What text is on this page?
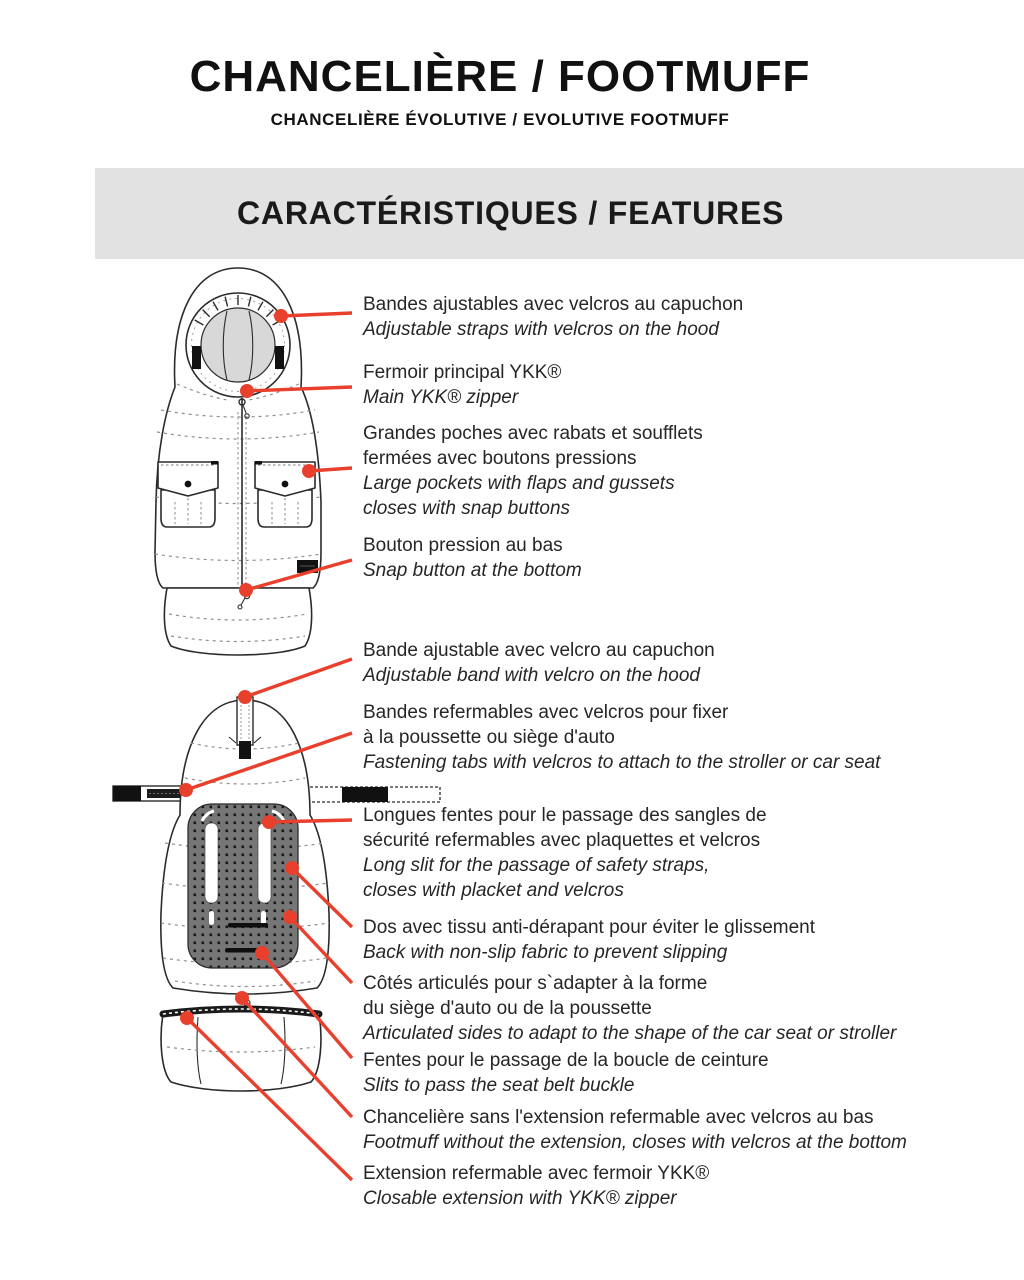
CHANCELIÈRE / FOOTMUFF
CHANCELIÈRE ÉVOLUTIVE / EVOLUTIVE FOOTMUFF
CARACTÉRISTIQUES / FEATURES
Bandes ajustables avec velcros au capuchon
Adjustable straps with velcros on the hood
Fermoir principal YKK®
Main YKK® zipper
Grandes poches avec rabats et soufflets
fermées avec boutons pressions
Large pockets with flaps and gussets
closes with snap buttons
Bouton pression au bas
Snap button at the bottom
Bande ajustable avec velcro au capuchon
Adjustable band with velcro on the hood
Bandes refermables avec velcros pour fixer
à la poussette ou siège d'auto
Fastening tabs with velcros to attach to the stroller or car seat
Longues fentes pour le passage des sangles de
sécurité refermables avec plaquettes et velcros
Long slit for the passage of safety straps,
closes with placket and velcros
Dos avec tissu anti-dérapant pour éviter le glissement
Back with non-slip fabric to prevent slipping
Côtés articulés pour s`adapter à la forme
du siège d'auto ou de la poussette
Articulated sides to adapt to the shape of the car seat or stroller
Fentes pour le passage de la boucle de ceinture
Slits to pass the seat belt buckle
Chancelière sans l'extension refermable avec velcros au bas
Footmuff without the extension, closes with velcros at the bottom
Extension refermable avec fermoir YKK®
Closable extension with YKK® zipper
